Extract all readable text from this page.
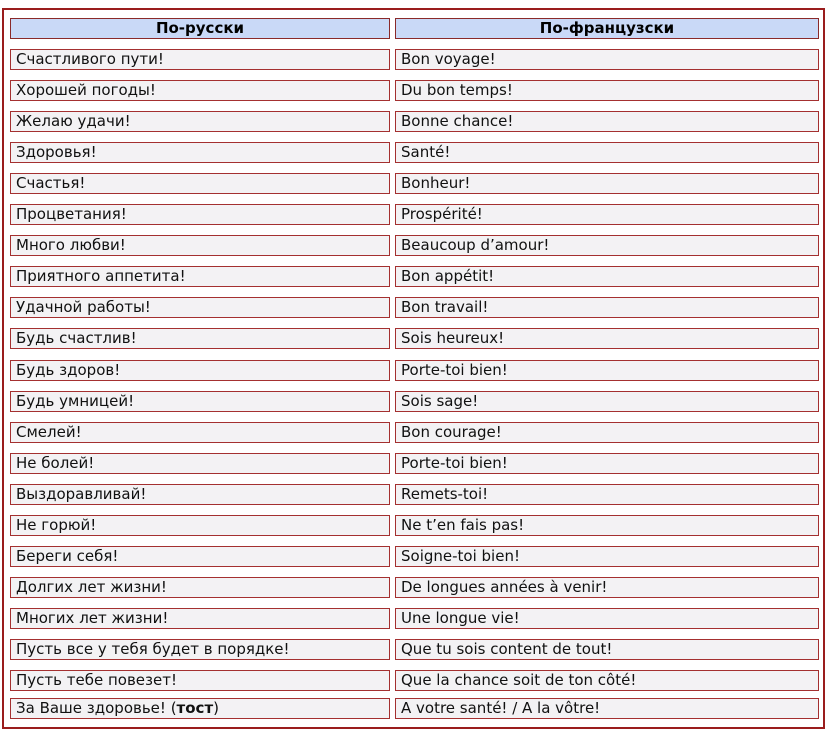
По-русски	По-французски
Счастливого пути!	Bon voyage!
Хорошей погоды!	Du bon temps!
Желаю удачи!	Bonne chance!
Здоровья!	Santé!
Счастья!	Bonheur!
Процветания!	Prospérité!
Много любви!	Beaucoup d’amour!
Приятного аппетита!	Bon appétit!
Удачной работы!	Bon travail!
Будь счастлив!	Sois heureux!
Будь здоров!	Porte-toi bien!
Будь умницей!	Sois sage!
Смелей!	Bon courage!
Не болей!	Porte-toi bien!
Выздоравливай!	Remets-toi!
Не горюй!	Ne t’en fais pas!
Береги себя!	Soigne-toi bien!
Долгих лет жизни!	De longues années à venir!
Многих лет жизни!	Une longue vie!
Пусть все у тебя будет в порядке!	Que tu sois content de tout!
Пусть тебе повезет!	Que la chance soit de ton côté!
За Ваше здоровье! (тост)	A votre santé! / A la vôtre!
